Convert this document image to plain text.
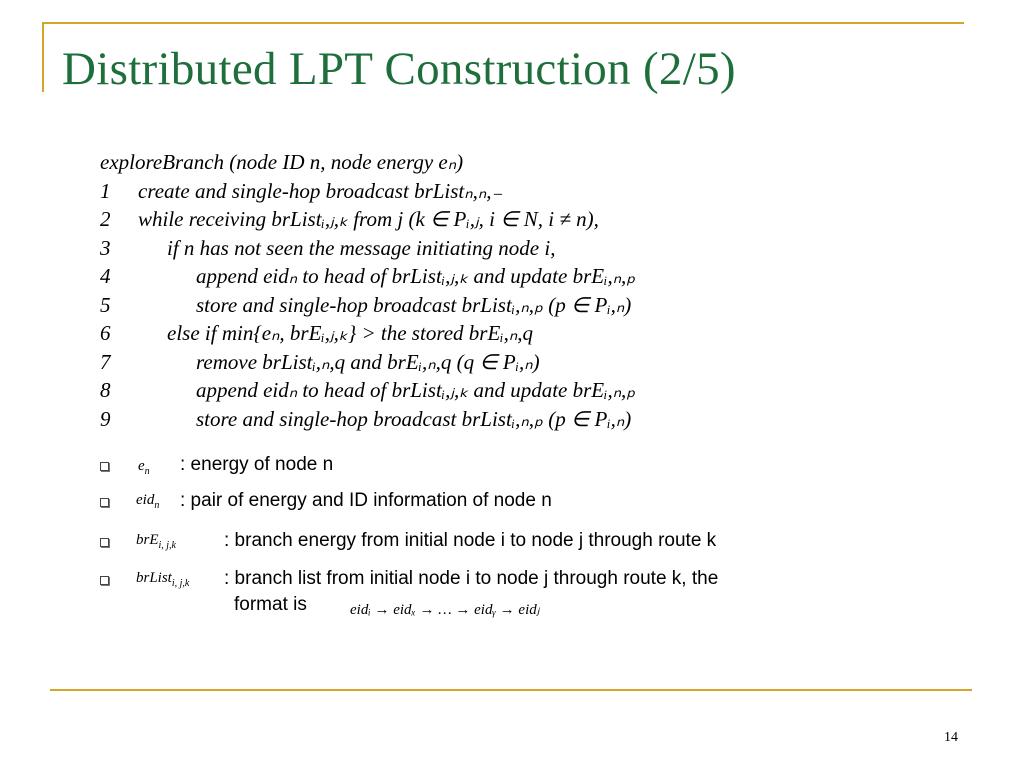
Distributed LPT Construction (2/5)
exploreBranch (node ID n, node energy eₙ)
1 create and single-hop broadcast brListₙ,ₙ,₋
2 while receiving brListᵢ,ⱼ,ₖ from j (k ∈ Pᵢ,ⱼ, i ∈ N, i ≠ n),
3	if n has not seen the message initiating node i,
4	append eidₙ to head of brListᵢ,ⱼ,ₖ and update brEᵢ,ₙ,ₚ
5	store and single-hop broadcast brListᵢ,ₙ,ₚ (p ∈ Pᵢ,ₙ)
6	else if min{eₙ, brEᵢ,ⱼ,ₖ} > the stored brEᵢ,ₙ,q
7	remove brListᵢ,ₙ,q and brEᵢ,ₙ,q (q ∈ Pᵢ,ₙ)
8	append eidₙ to head of brListᵢ,ⱼ,ₖ and update brEᵢ,ₙ,ₚ
9	store and single-hop broadcast brListᵢ,ₙ,ₚ (p ∈ Pᵢ,ₙ)
$e_n$ : energy of node n
eid$_n$ : pair of energy and ID information of node n
brE$_{i, j,k}$	: branch energy from initial node i to node j through route k
brList$_{i, j,k}$ : branch list from initial node i to node j through route k, the
format is	eidᵢ → eidₓ → … → eidᵧ → eidⱼ
14
